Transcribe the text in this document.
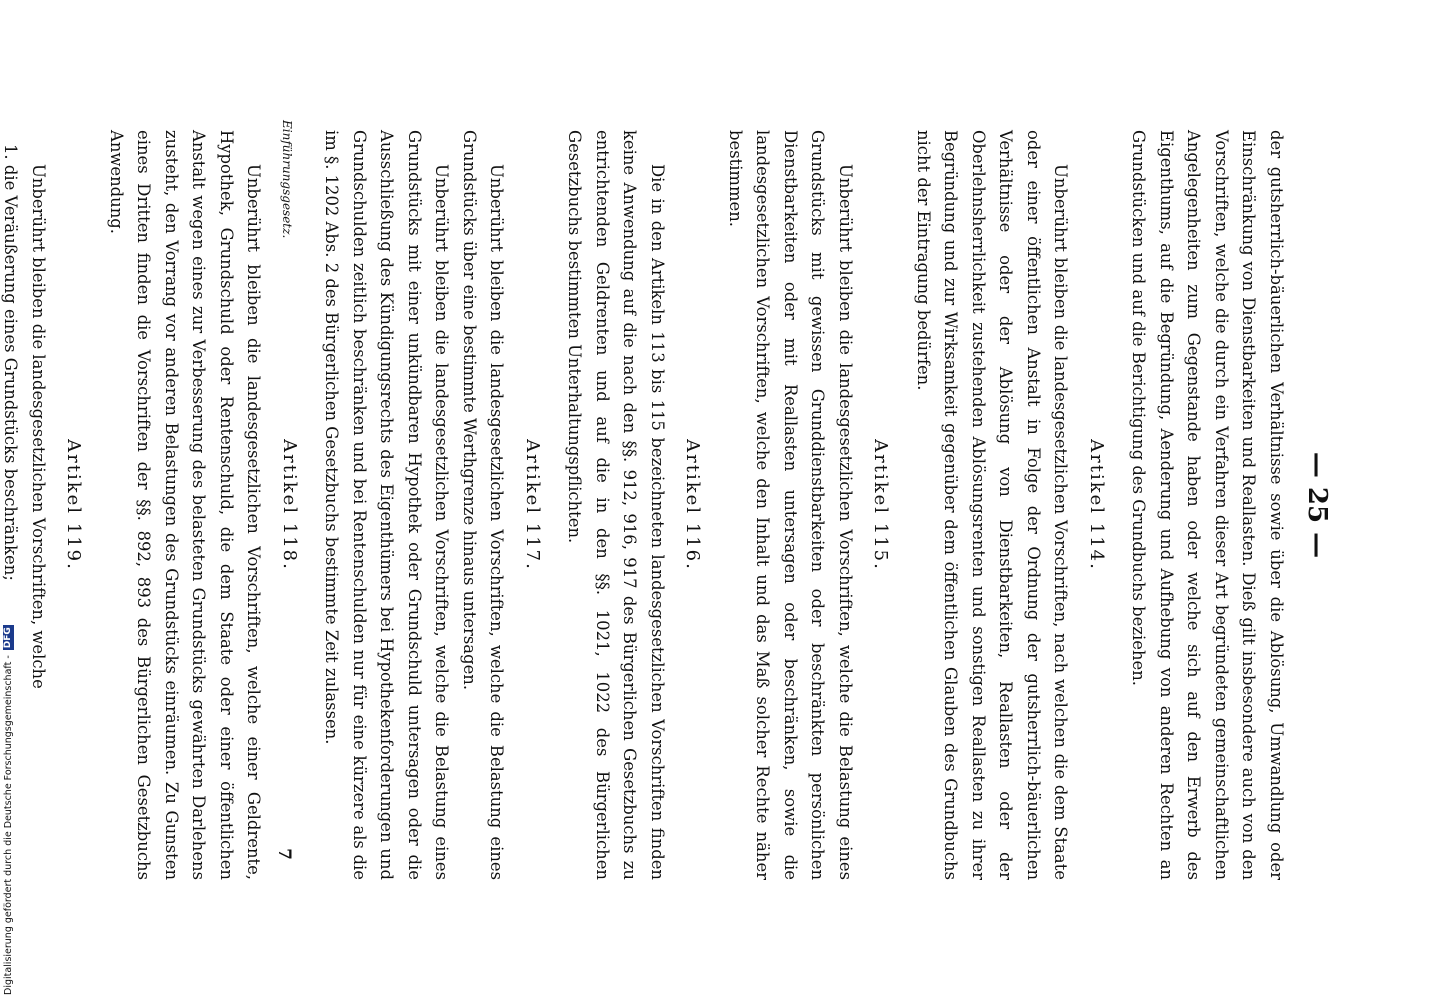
— 25 —

der gutsherrlich-bäuerlichen Verhältnisse sowie über die Ablösung, Umwandlung oder Einschränkung von Dienstbarkeiten und Reallasten. Dieß gilt insbesondere auch von den Vorschriften, welche die durch ein Verfahren dieser Art begründeten gemeinschaftlichen Angelegenheiten zum Gegenstande haben oder welche sich auf den Erwerb des Eigenthums, auf die Begründung, Aenderung und Aufhebung von anderen Rechten an Grundstücken und auf die Berichtigung des Grundbuchs beziehen.

Artikel 114.

Unberührt bleiben die landesgesetzlichen Vorschriften, nach welchen die dem Staate oder einer öffentlichen Anstalt in Folge der Ordnung der gutsherrlich-bäuerlichen Verhältnisse oder der Ablösung von Dienstbarkeiten, Reallasten oder der Oberlehnsherrlichkeit zustehenden Ablösungsrenten und sonstigen Reallasten zu ihrer Begründung und zur Wirksamkeit gegenüber dem öffentlichen Glauben des Grundbuchs nicht der Eintragung bedürfen.

Artikel 115.

Unberührt bleiben die landesgesetzlichen Vorschriften, welche die Belastung eines Grundstücks mit gewissen Grunddienstbarkeiten oder beschränkten persönlichen Dienstbarkeiten oder mit Reallasten untersagen oder beschränken, sowie die landesgesetzlichen Vorschriften, welche den Inhalt und das Maß solcher Rechte näher bestimmen.

Artikel 116.

Die in den Artikeln 113 bis 115 bezeichneten landesgesetzlichen Vorschriften finden keine Anwendung auf die nach den §§. 912, 916, 917 des Bürgerlichen Gesetzbuchs zu entrichtenden Geldrenten und auf die in den §§. 1021, 1022 des Bürgerlichen Gesetzbuchs bestimmten Unterhaltungspflichten.

Artikel 117.

Unberührt bleiben die landesgesetzlichen Vorschriften, welche die Belastung eines Grundstücks über eine bestimmte Werthgrenze hinaus untersagen.

Unberührt bleiben die landesgesetzlichen Vorschriften, welche die Belastung eines Grundstücks mit einer unkündbaren Hypothek oder Grundschuld untersagen oder die Ausschließung des Kündigungsrechts des Eigenthümers bei Hypothekenforderungen und Grundschulden zeitlich beschränken und bei Rentenschulden nur für eine kürzere als die im §. 1202 Abs. 2 des Bürgerlichen Gesetzbuchs bestimmte Zeit zulassen.

Artikel 118.

Unberührt bleiben die landesgesetzlichen Vorschriften, welche einer Geldrente, Hypothek, Grundschuld oder Rentenschuld, die dem Staate oder einer öffentlichen Anstalt wegen eines zur Verbesserung des belasteten Grundstücks gewährten Darlehens zusteht, den Vorrang vor anderen Belastungen des Grundstücks einräumen. Zu Gunsten eines Dritten finden die Vorschriften der §§. 892, 893 des Bürgerlichen Gesetzbuchs Anwendung.

Artikel 119.

Unberührt bleiben die landesgesetzlichen Vorschriften, welche

1. die Veräußerung eines Grundstücks beschränken;	Einführungsgesetz.
7
Digitalisierung gefördert durch die Deutsche Forschungsgemeinschaft - DFG
